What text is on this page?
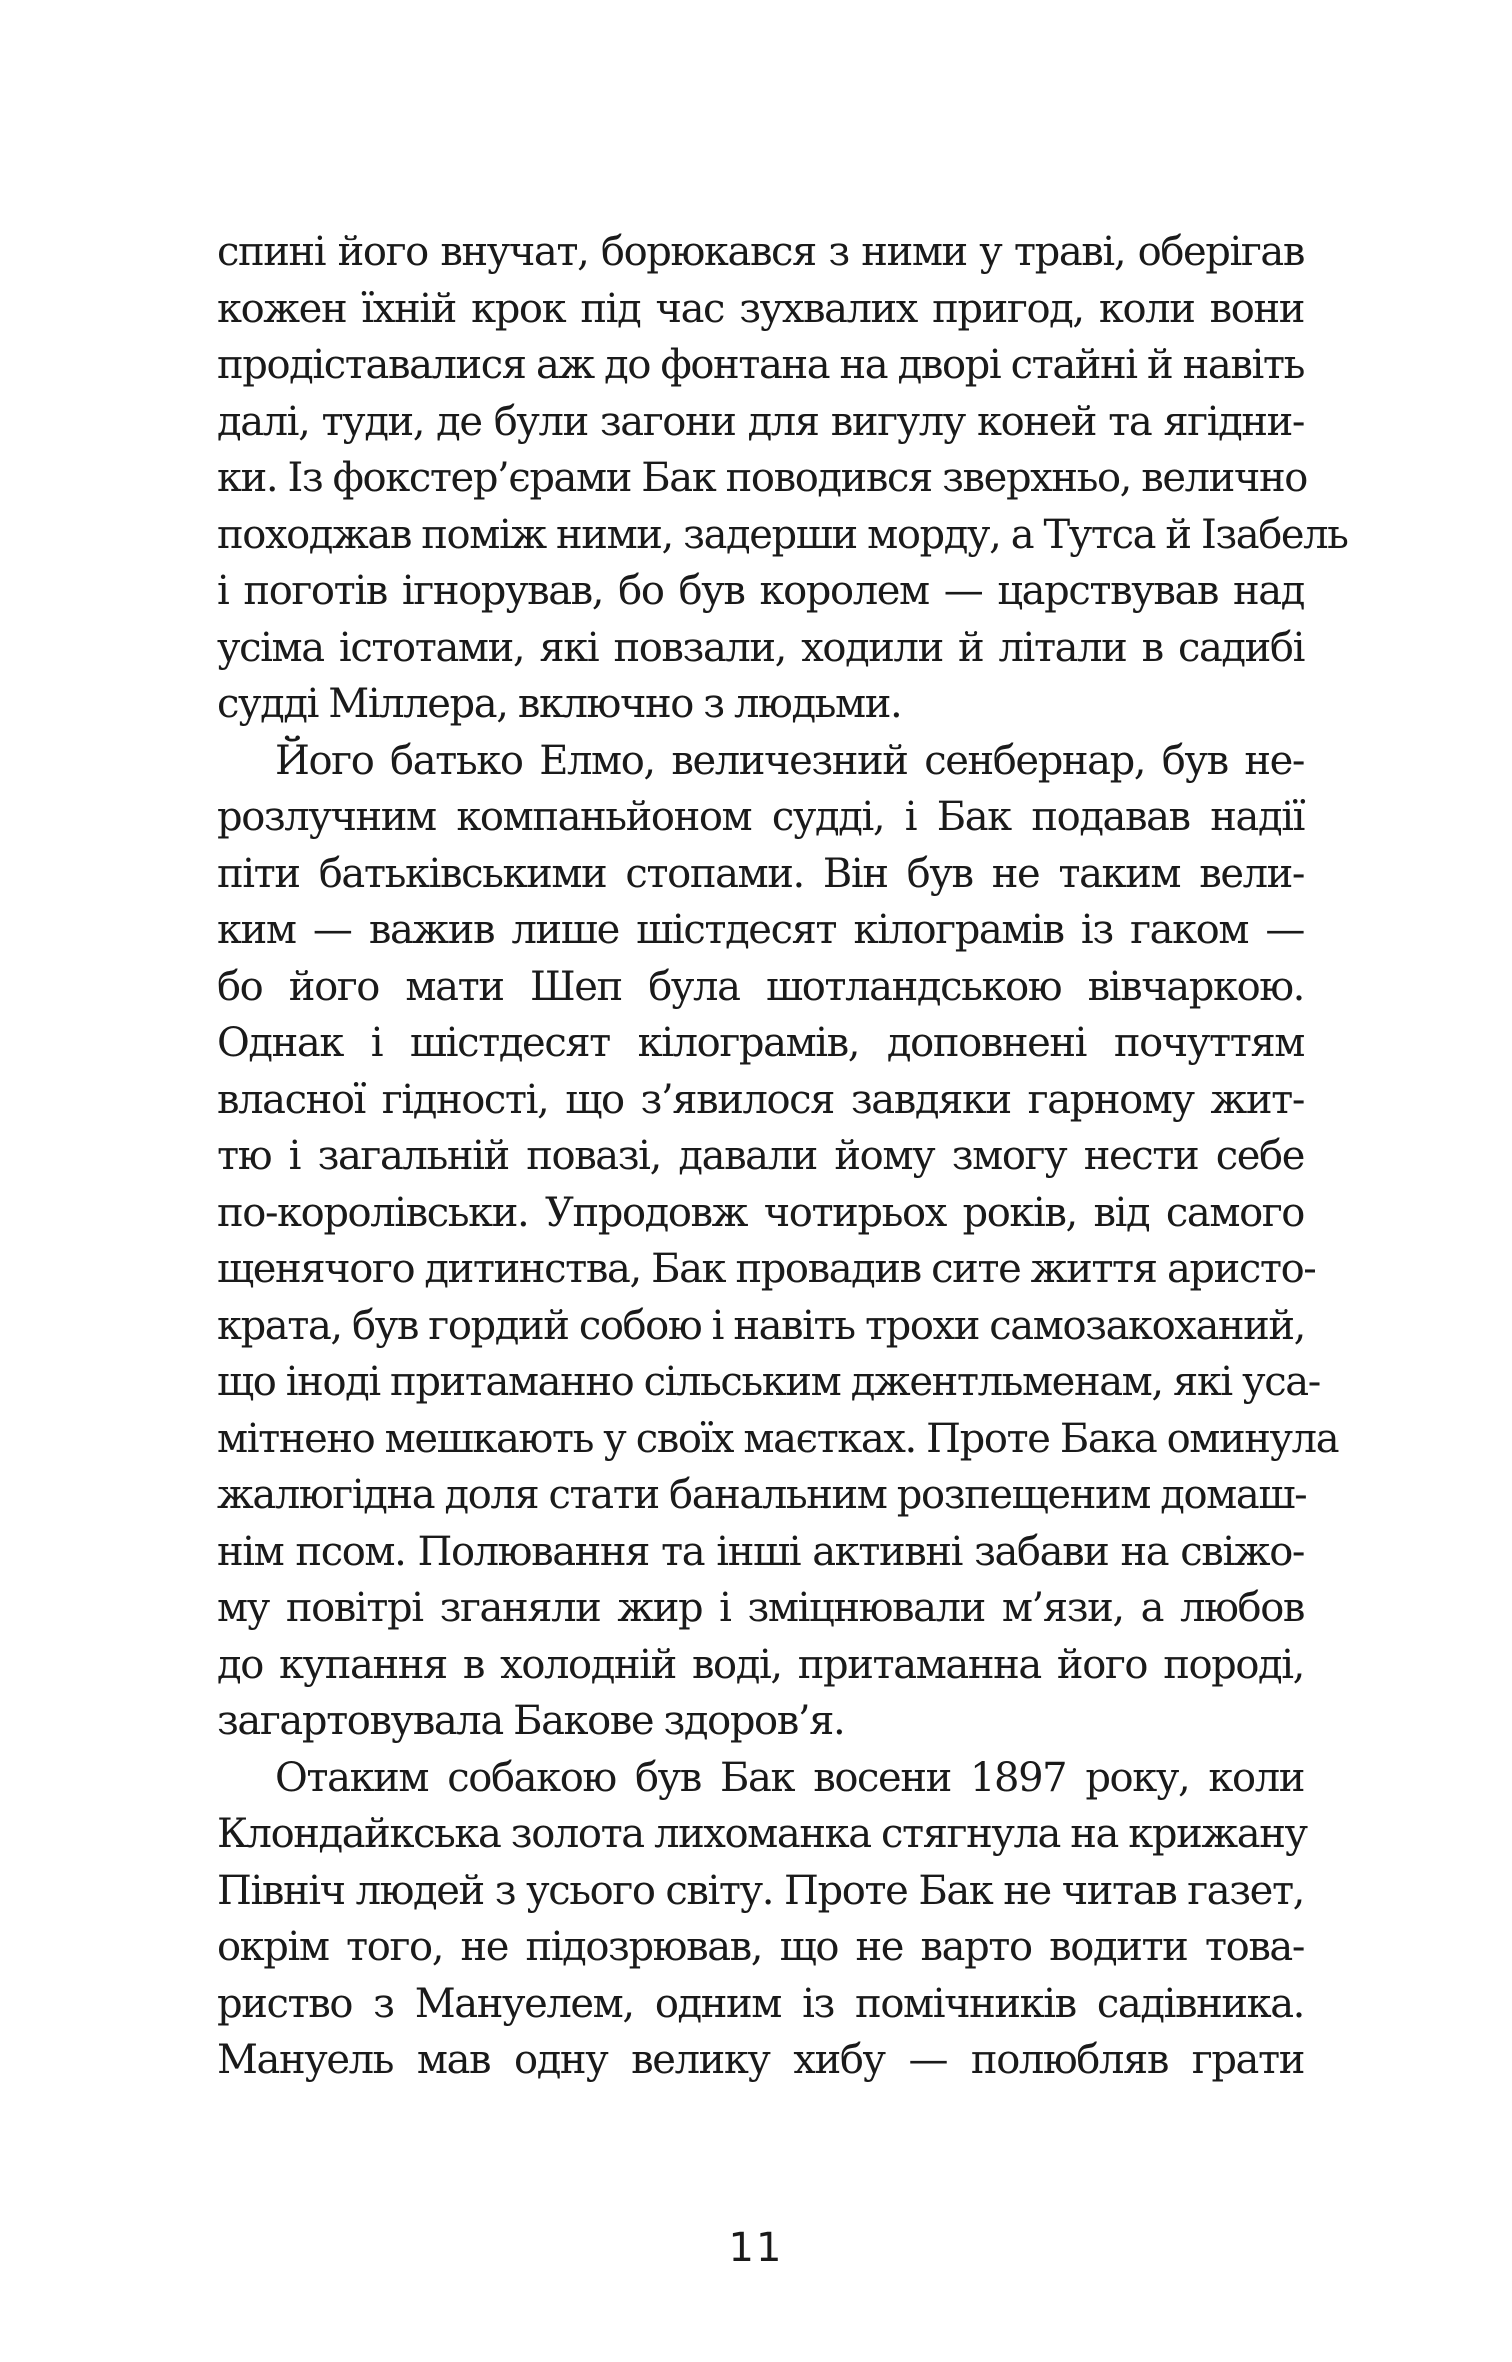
спині його внучат, борюкався з ними у траві, оберігав
кожен їхній крок під час зухвалих пригод, коли вони
продіставалися аж до фонтана на дворі стайні й навіть
далі, туди, де були загони для вигулу коней та ягідни-
ки. Із фокстер’єрами Бак поводився зверхньо, велично
походжав поміж ними, задерши морду, а Тутса й Ізабель
і поготів ігнорував, бо був королем — царствував над
усіма істотами, які повзали, ходили й літали в садибі
судді Міллера, включно з людьми.
Його батько Елмо, величезний сенбернар, був не-
розлучним компаньйоном судді, і Бак подавав надії
піти батьківськими стопами. Він був не таким вели-
ким — важив лише шістдесят кілограмів із гаком —
бо його мати Шеп була шотландською вівчаркою.
Однак і шістдесят кілограмів, доповнені почуттям
власної гідності, що з’явилося завдяки гарному жит-
тю і загальній повазі, давали йому змогу нести себе
по-королівськи. Упродовж чотирьох років, від самого
щенячого дитинства, Бак провадив сите життя аристо-
крата, був гордий собою і навіть трохи самозакоханий,
що іноді притаманно сільським джентльменам, які уса-
мітнено мешкають у своїх маєтках. Проте Бака оминула
жалюгідна доля стати банальним розпещеним домаш-
нім псом. Полювання та інші активні забави на свіжо-
му повітрі зганяли жир і зміцнювали м’язи, а любов
до купання в холодній воді, притаманна його породі,
загартовувала Бакове здоров’я.
Отаким собакою був Бак восени 1897 року, коли
Клондайкська золота лихоманка стягнула на крижану
Північ людей з усього світу. Проте Бак не читав газет,
окрім того, не підозрював, що не варто водити това-
риство з Мануелем, одним із помічників садівника.
Мануель мав одну велику хибу — полюбляв грати
11
